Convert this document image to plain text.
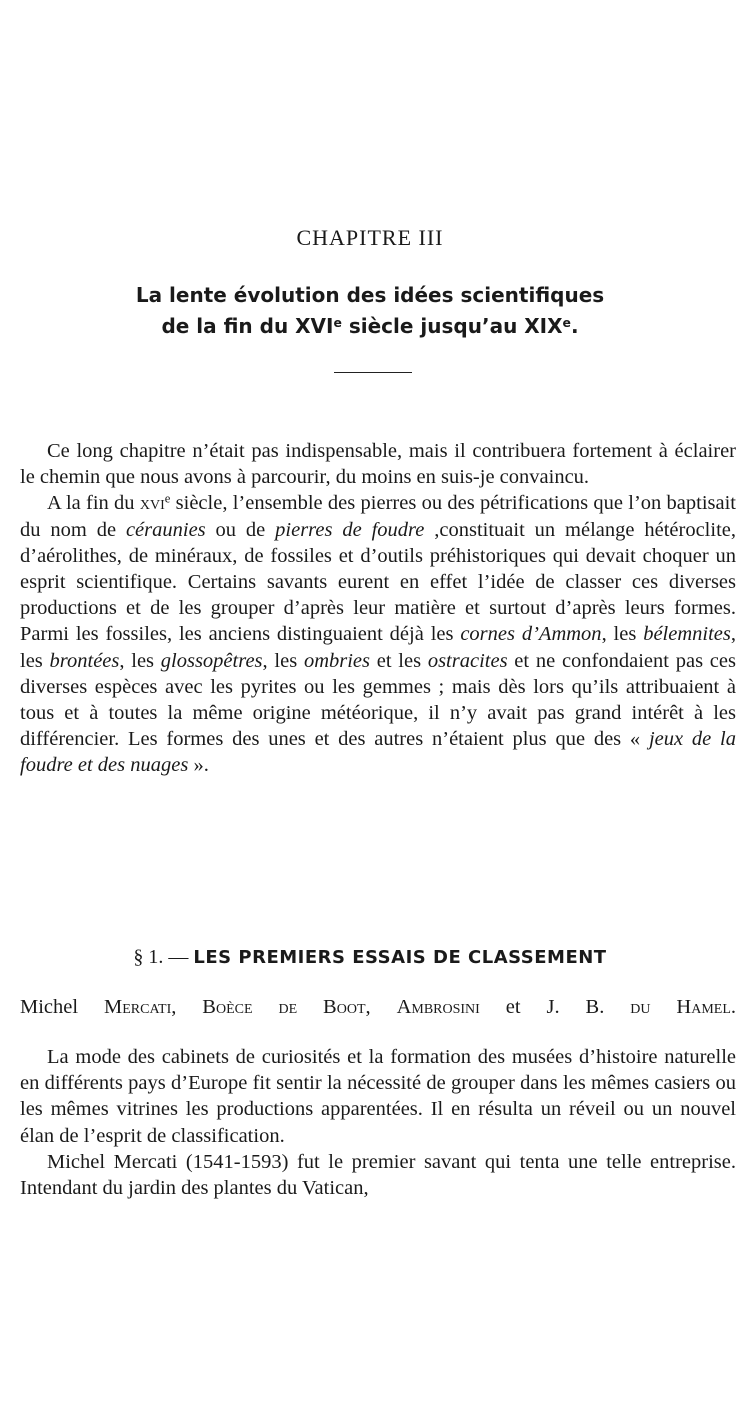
CHAPITRE III
La lente évolution des idées scientifiques
de la fin du XVIe siècle jusqu’au XIXe.

Ce long chapitre n’était pas indispensable, mais il contribuera fortement à éclairer le chemin que nous avons à parcourir, du moins en suis-je convaincu.

A la fin du xvi$^e$ siècle, l’ensemble des pierres ou des pétrifications que l’on baptisait du nom de céraunies ou de pierres de foudre ,constituait un mélange hétéroclite, d’aérolithes, de minéraux, de fossiles et d’outils préhistoriques qui devait choquer un esprit scientifique. Certains savants eurent en effet l’idée de classer ces diverses productions et de les grouper d’après leur matière et surtout d’après leurs formes. Parmi les fossiles, les anciens distinguaient déjà les cornes d’Ammon, les bélemnites, les brontées, les glossopêtres, les ombries et les ostracites et ne confondaient pas ces diverses espèces avec les pyrites ou les gemmes ; mais dès lors qu’ils attribuaient à tous et à toutes la même origine météorique, il n’y avait pas grand intérêt à les différencier. Les formes des unes et des autres n’étaient plus que des « jeux de la foudre et des nuages ».

§ 1. — LES PREMIERS ESSAIS DE CLASSEMENT
Michel Mercati, Boèce de Boot, Ambrosini et J. B. du Hamel.

La mode des cabinets de curiosités et la formation des musées d’histoire naturelle en différents pays d’Europe fit sentir la nécessité de grouper dans les mêmes casiers ou les mêmes vitrines les productions apparentées. Il en résulta un réveil ou un nouvel élan de l’esprit de classification.

Michel Mercati (1541-1593) fut le premier savant qui tenta une telle entreprise. Intendant du jardin des plantes du Vatican,
